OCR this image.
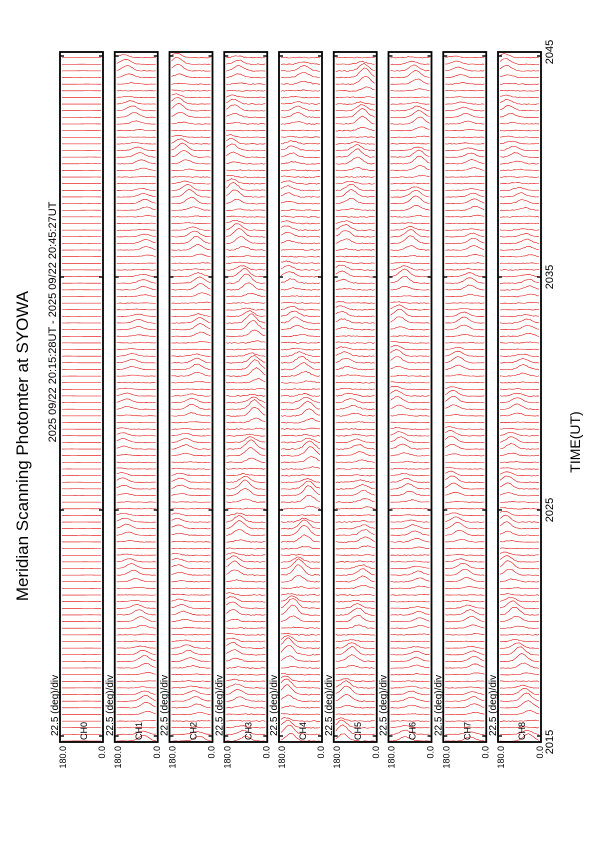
Meridian Scanning Photomter at SYOWA 2025 09/22 20:15:28UT - 2025 09/22 20:45:27UT
180.0	0.0
CH0
22.5 (deg)/div
180.0	0.0
CH1
22.5 (deg)/div
180.0	0.0
CH2
22.5 (deg)/div
180.0	0.0
CH3
22.5 (deg)/div
180.0	0.0
CH4
22.5 (deg)/div
180.0	0.0
CH5
22.5 (deg)/div
180.0	0.0
CH6
22.5 (deg)/div
180.0	0.0
CH7
22.5 (deg)/div
180.0	0.0
CH8
22.5 (deg)/div
2015
2025
2035
2045
TIME(UT)
